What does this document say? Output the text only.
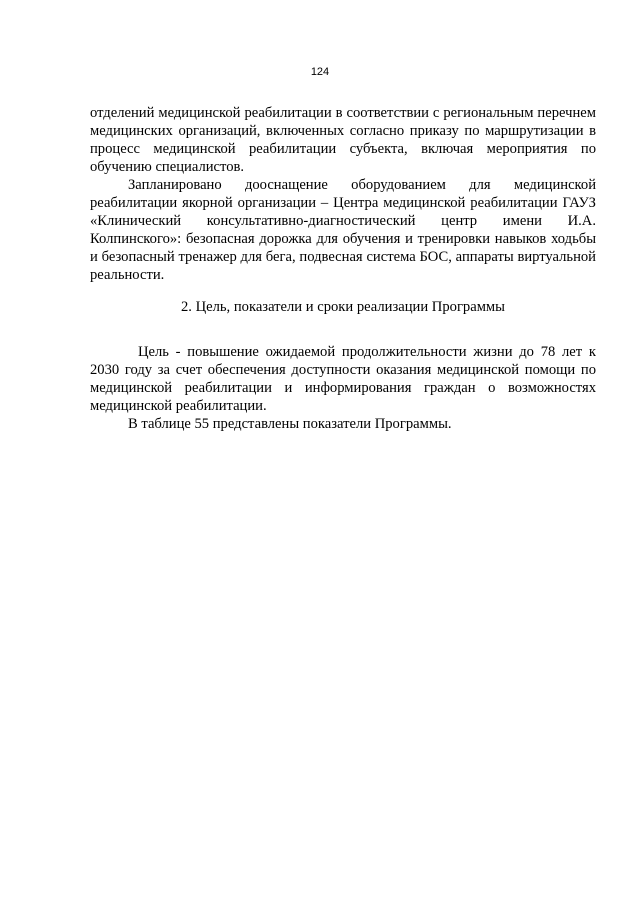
124

отделений медицинской реабилитации в соответствии с региональным перечнем медицинских организаций, включенных согласно приказу по маршрутизации в процесс медицинской реабилитации субъекта, включая мероприятия по обучению специалистов.

Запланировано дооснащение оборудованием для медицинской реабилитации якорной организации – Центра медицинской реабилитации ГАУЗ «Клинический консультативно-диагностический центр имени И.А. Колпинского»: безопасная дорожка для обучения и тренировки навыков ходьбы и безопасный тренажер для бега, подвесная система БОС, аппараты виртуальной реальности.

2. Цель, показатели и сроки реализации Программы

Цель - повышение ожидаемой продолжительности жизни до 78 лет к 2030 году за счет обеспечения доступности оказания медицинской помощи по медицинской реабилитации и информирования граждан о возможностях медицинской реабилитации.

В таблице 55 представлены показатели Программы.
